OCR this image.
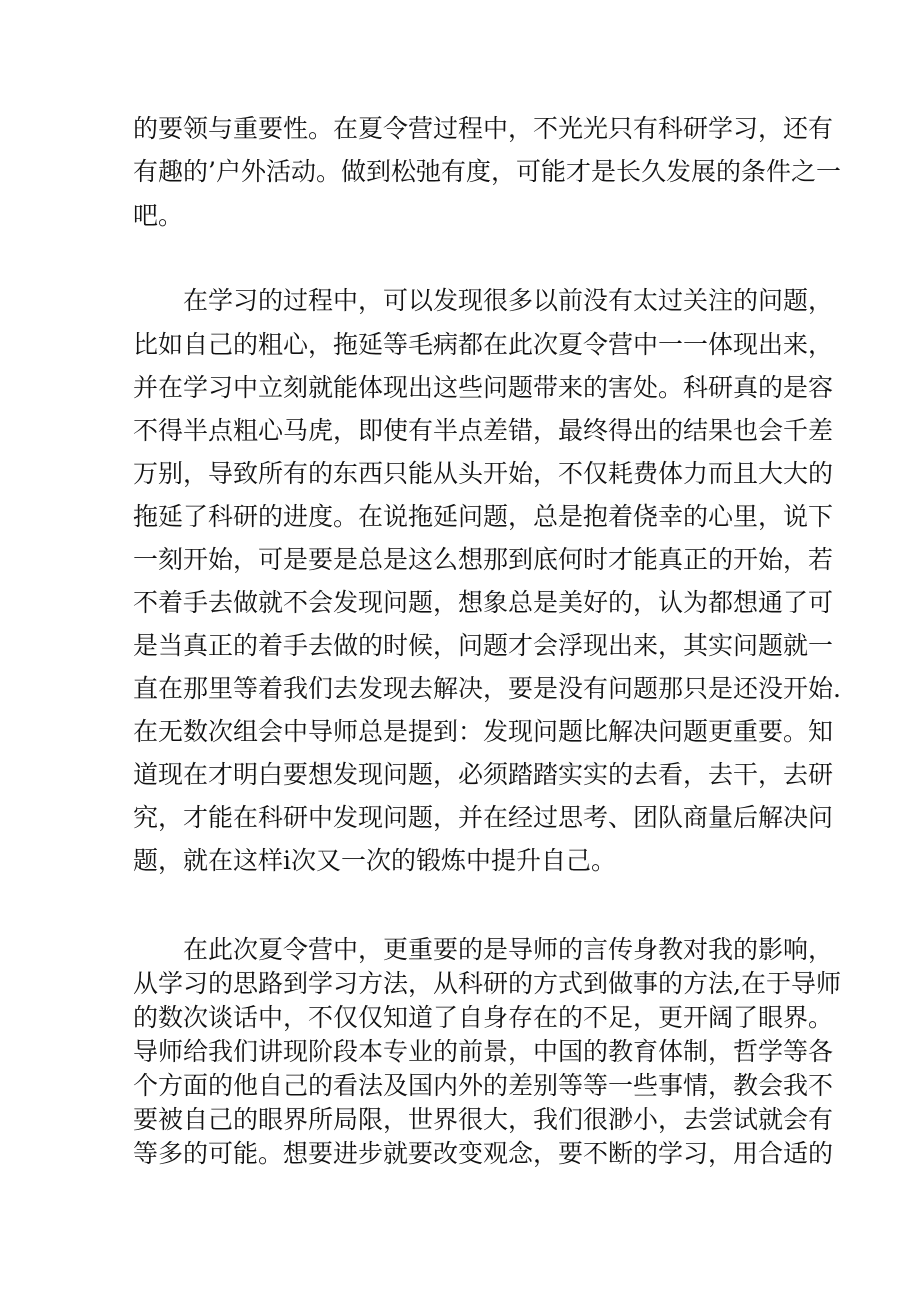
的要领与重要性。在夏令营过程中，不光光只有科研学习，还有

有趣的’户外活动。做到松弛有度，可能才是长久发展的条件之一

吧。

在学习的过程中，可以发现很多以前没有太过关注的问题，

比如自己的粗心，拖延等毛病都在此次夏令营中一一体现出来，

并在学习中立刻就能体现出这些问题带来的害处。科研真的是容

不得半点粗心马虎，即使有半点差错，最终得出的结果也会千差

万别，导致所有的东西只能从头开始，不仅耗费体力而且大大的

拖延了科研的进度。在说拖延问题，总是抱着侥幸的心里，说下

一刻开始，可是要是总是这么想那到底何时才能真正的开始，若

不着手去做就不会发现问题，想象总是美好的，认为都想通了可

是当真正的着手去做的时候，问题才会浮现出来，其实问题就一

直在那里等着我们去发现去解决，要是没有问题那只是还没开始.

在无数次组会中导师总是提到：发现问题比解决问题更重要。知

道现在才明白要想发现问题，必须踏踏实实的去看，去干，去研

究，才能在科研中发现问题，并在经过思考、团队商量后解决问

题，就在这样i次又一次的锻炼中提升自己。

在此次夏令营中，更重要的是导师的言传身教对我的影响，

从学习的思路到学习方法，从科研的方式到做事的方法,在于导师

的数次谈话中，不仅仅知道了自身存在的不足，更开阔了眼界。

导师给我们讲现阶段本专业的前景，中国的教育体制，哲学等各

个方面的他自己的看法及国内外的差别等等一些事情，教会我不

要被自己的眼界所局限，世界很大，我们很渺小，去尝试就会有

等多的可能。想要进步就要改变观念，要不断的学习，用合适的
